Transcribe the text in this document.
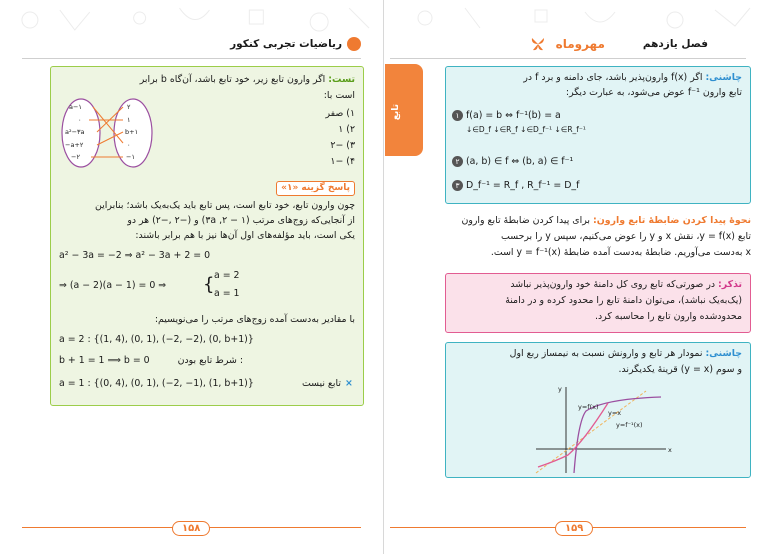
ریاضیات تجربی کنکور
تست: اگر وارون تابع زیر، خود تابع باشد، آن‌گاه b برابر
است با:
۱) صفر
۲) ۱
۳) −۲
۴) −۱
a−۱
۰
a²−۳a
−a+۲
−۲
۲
۱
b+۱
۰
−۱
پاسخ گزینه «۱»
چون وارون تابع، خود تابع است، پس تابع باید یک‌به‌یک باشد؛ بنابراین
از آنجایی‌که زوج‌های مرتب (۱ − ۳a ,۲) و (−۲ ,−۲) هر دو
یکی است، باید مؤلفه‌های اول آن‌ها نیز با هم برابر باشند:
a² − 3a = −2 ⇒ a² − 3a + 2 = 0
⇒ (a − 2)(a − 1) = 0 ⇒ { a = 2
a = 1
با مقادیر به‌دست آمده زوج‌های مرتب را می‌نویسیم:
a = 2 : {(1, 4), (0, 1), (−2, −2), (0, b+1)}
b + 1 = 1 ⟹ b = 0	: شرط تابع بودن
a = 1 : {(0, 4), (0, 1), (−2, −1), (1, b+1)}	تابع نیست ×
۱۵۸
مهروماه	فصل یازدهم
تابع
چاشنی: اگر f(x) وارون‌پذیر باشد، جای دامنه و برد f در
تابع وارون f⁻¹ عوض می‌شود، به عبارت دیگر:
۱ f(a) = b ⇔ f⁻¹(b) = a
↓∈D_f ↓∈R_f ↓∈D_f⁻¹ ↓∈R_f⁻¹
۲ (a, b) ∈ f ⇔ (b, a) ∈ f⁻¹
۳ D_f⁻¹ = R_f , R_f⁻¹ = D_f
نحوهٔ پیدا کردن ضابطهٔ تابع وارون: برای پیدا کردن ضابطهٔ تابع وارون
تابع y = f(x)، نقش x و y را عوض می‌کنیم، سپس y را برحسب
x به‌دست می‌آوریم. ضابطهٔ به‌دست آمده ضابطهٔ y = f⁻¹(x) است.
تذکر: در صورتی‌که تابع روی کل دامنهٔ خود وارون‌پذیر نباشد
(یک‌به‌یک نباشد)، می‌توان دامنهٔ تابع را محدود کرده و در دامنهٔ
محدودشده وارون تابع را محاسبه کرد.
چاشنی: نمودار هر تابع و وارونش نسبت به نیمساز ربع اول
و سوم (y = x) قرینهٔ یکدیگرند.
y
x
y=f(x)
y=x
y=f⁻¹(x)
۱۵۹
